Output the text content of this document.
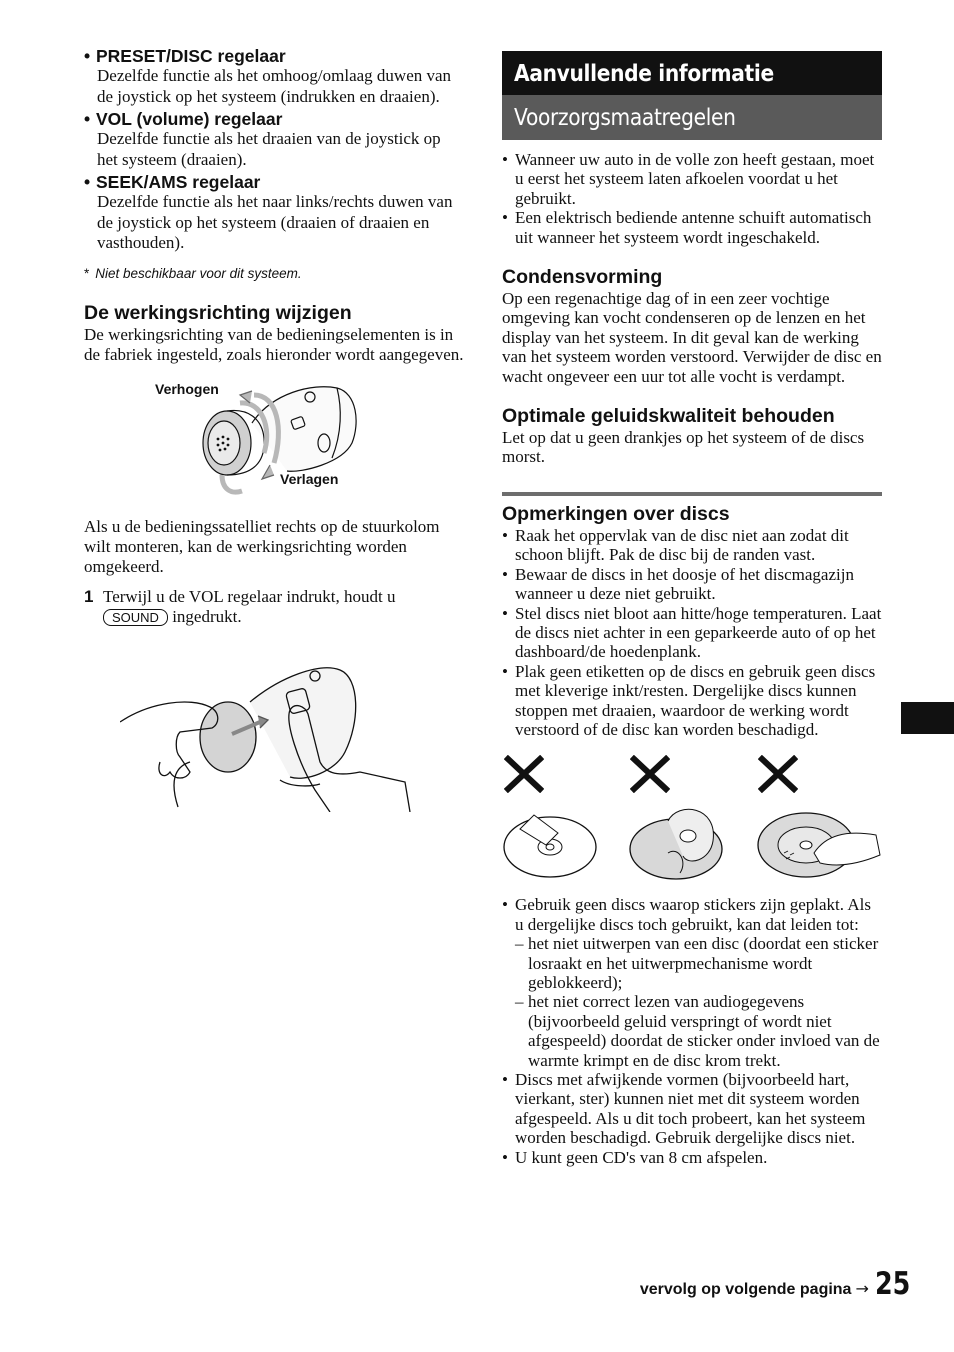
• PRESET/DISC regelaar
Dezelfde functie als het omhoog/omlaag duwen van de joystick op het systeem (indrukken en draaien).
• VOL (volume) regelaar
Dezelfde functie als het draaien van de joystick op het systeem (draaien).
• SEEK/AMS regelaar
Dezelfde functie als het naar links/rechts duwen van de joystick op het systeem (draaien of draaien en vasthouden).
* Niet beschikbaar voor dit systeem.
De werkingsrichting wijzigen

De werkingsrichting van de bedieningselementen is in de fabriek ingesteld, zoals hieronder wordt aangegeven.

Verhogen
Verlagen

Als u de bedieningssatelliet rechts op de stuurkolom wilt monteren, kan de werkingsrichting worden omgekeerd.

1 Terwijl u de VOL regelaar indrukt, houdt u SOUND ingedrukt.
Aanvullende informatie
Voorzorgsmaatregelen
• Wanneer uw auto in de volle zon heeft gestaan, moet u eerst het systeem laten afkoelen voordat u het gebruikt.
• Een elektrisch bediende antenne schuift automatisch uit wanneer het systeem wordt ingeschakeld.
Condensvorming

Op een regenachtige dag of in een zeer vochtige omgeving kan vocht condenseren op de lenzen en het display van het systeem. In dit geval kan de werking van het systeem worden verstoord. Verwijder de disc en wacht ongeveer een uur tot alle vocht is verdampt.

Optimale geluidskwaliteit behouden

Let op dat u geen drankjes op het systeem of de discs morst.

Opmerkingen over discs
• Raak het oppervlak van de disc niet aan zodat dit schoon blijft. Pak de disc bij de randen vast.
• Bewaar de discs in het doosje of het discmagazijn wanneer u deze niet gebruikt.
• Stel discs niet bloot aan hitte/hoge temperaturen. Laat de discs niet achter in een geparkeerde auto of op het dashboard/de hoedenplank.
• Plak geen etiketten op de discs en gebruik geen discs met kleverige inkt/resten. Dergelijke discs kunnen stoppen met draaien, waardoor de werking wordt verstoord of de disc kan worden beschadigd.
• Gebruik geen discs waarop stickers zijn geplakt. Als u dergelijke discs toch gebruikt, kan dat leiden tot:
– het niet uitwerpen van een disc (doordat een sticker losraakt en het uitwerpmechanisme wordt geblokkeerd);
– het niet correct lezen van audiogegevens (bijvoorbeeld geluid verspringt of wordt niet afgespeeld) doordat de sticker onder invloed van de warmte krimpt en de disc krom trekt.
• Discs met afwijkende vormen (bijvoorbeeld hart, vierkant, ster) kunnen niet met dit systeem worden afgespeeld. Als u dit toch probeert, kan het systeem worden beschadigd. Gebruik dergelijke discs niet.
• U kunt geen CD's van 8 cm afspelen.
vervolg op volgende pagina → 25
